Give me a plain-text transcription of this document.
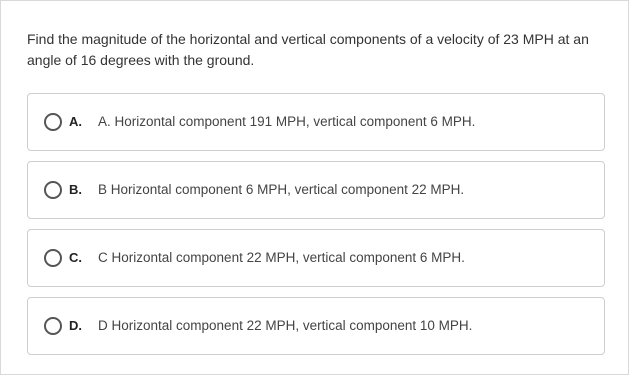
Find the magnitude of the horizontal and vertical components of a velocity of 23 MPH at an angle of 16 degrees with the ground.
A. A. Horizontal component 191 MPH, vertical component 6 MPH.
B. B Horizontal component 6 MPH, vertical component 22 MPH.
C. C Horizontal component 22 MPH, vertical component 6 MPH.
D. D Horizontal component 22 MPH, vertical component 10 MPH.
